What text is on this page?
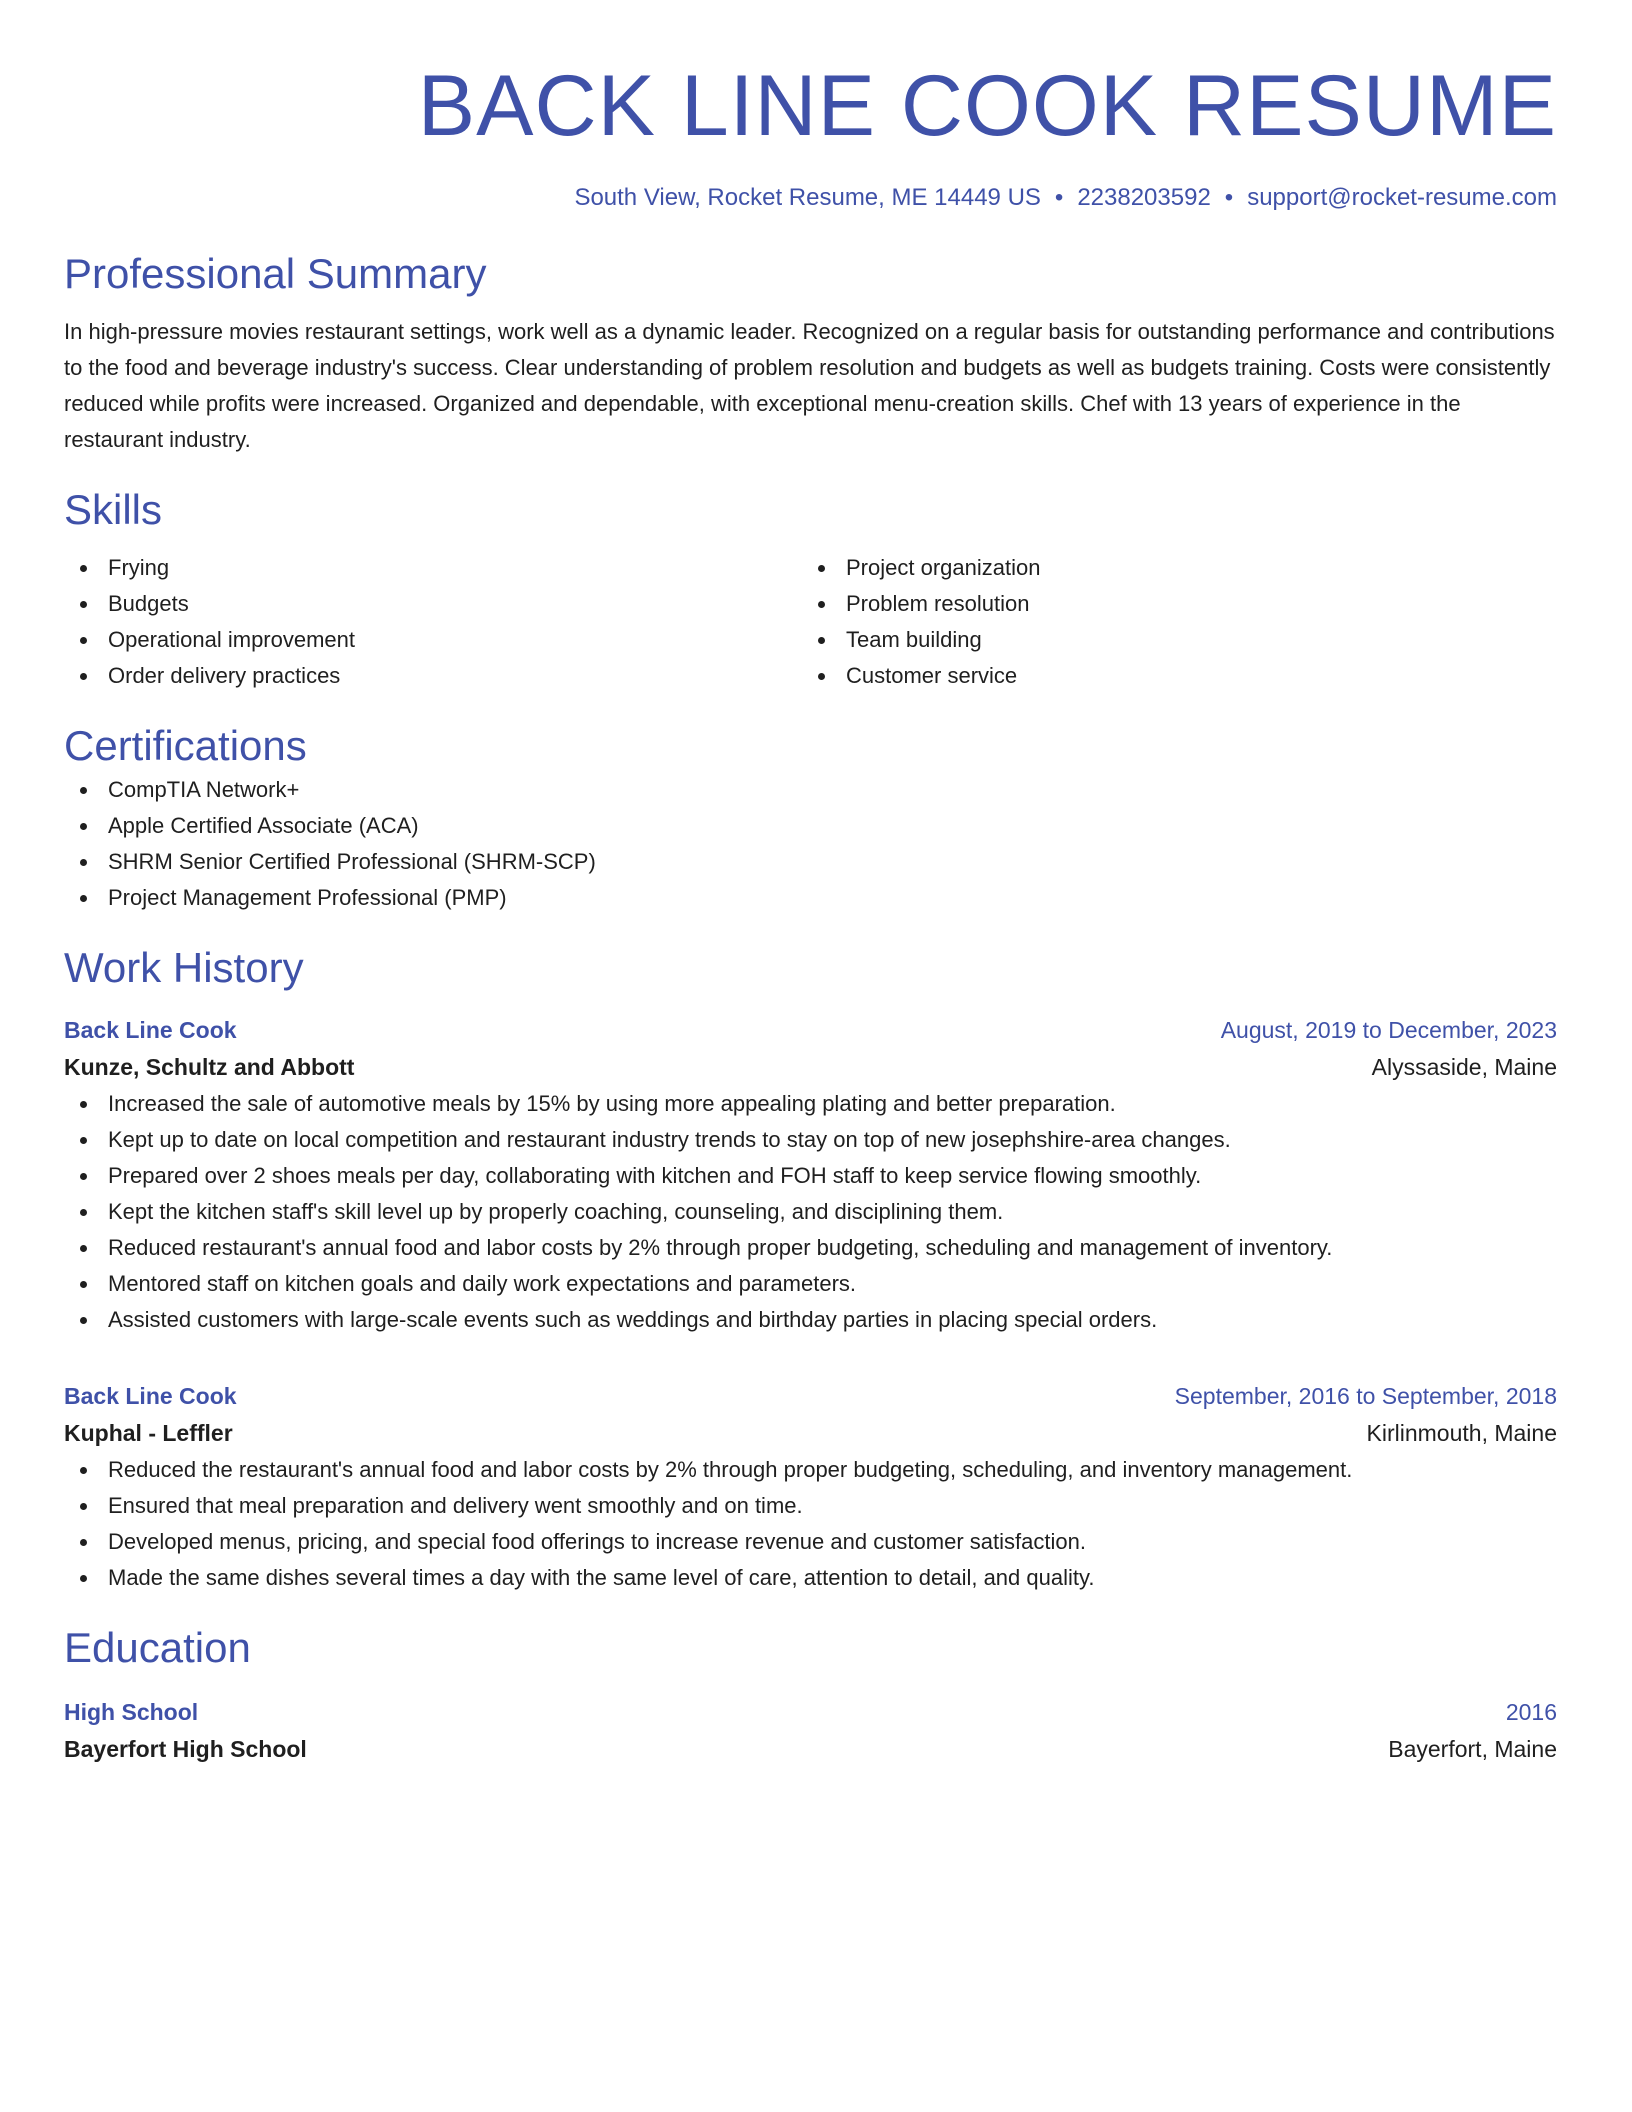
BACK LINE COOK RESUME
South View, Rocket Resume, ME 14449 US • 2238203592 • support@rocket-resume.com
Professional Summary
In high-pressure movies restaurant settings, work well as a dynamic leader. Recognized on a regular basis for outstanding performance and contributions to the food and beverage industry's success. Clear understanding of problem resolution and budgets as well as budgets training. Costs were consistently reduced while profits were increased. Organized and dependable, with exceptional menu-creation skills. Chef with 13 years of experience in the restaurant industry.
Skills
Frying
Budgets
Operational improvement
Order delivery practices
Project organization
Problem resolution
Team building
Customer service
Certifications
CompTIA Network+
Apple Certified Associate (ACA)
SHRM Senior Certified Professional (SHRM-SCP)
Project Management Professional (PMP)
Work History
Back Line Cook	August, 2019 to December, 2023
Kunze, Schultz and Abbott	Alyssaside, Maine
Increased the sale of automotive meals by 15% by using more appealing plating and better preparation.
Kept up to date on local competition and restaurant industry trends to stay on top of new josephshire-area changes.
Prepared over 2 shoes meals per day, collaborating with kitchen and FOH staff to keep service flowing smoothly.
Kept the kitchen staff's skill level up by properly coaching, counseling, and disciplining them.
Reduced restaurant's annual food and labor costs by 2% through proper budgeting, scheduling and management of inventory.
Mentored staff on kitchen goals and daily work expectations and parameters.
Assisted customers with large-scale events such as weddings and birthday parties in placing special orders.
Back Line Cook	September, 2016 to September, 2018
Kuphal - Leffler	Kirlinmouth, Maine
Reduced the restaurant's annual food and labor costs by 2% through proper budgeting, scheduling, and inventory management.
Ensured that meal preparation and delivery went smoothly and on time.
Developed menus, pricing, and special food offerings to increase revenue and customer satisfaction.
Made the same dishes several times a day with the same level of care, attention to detail, and quality.
Education
High School	2016
Bayerfort High School	Bayerfort, Maine
